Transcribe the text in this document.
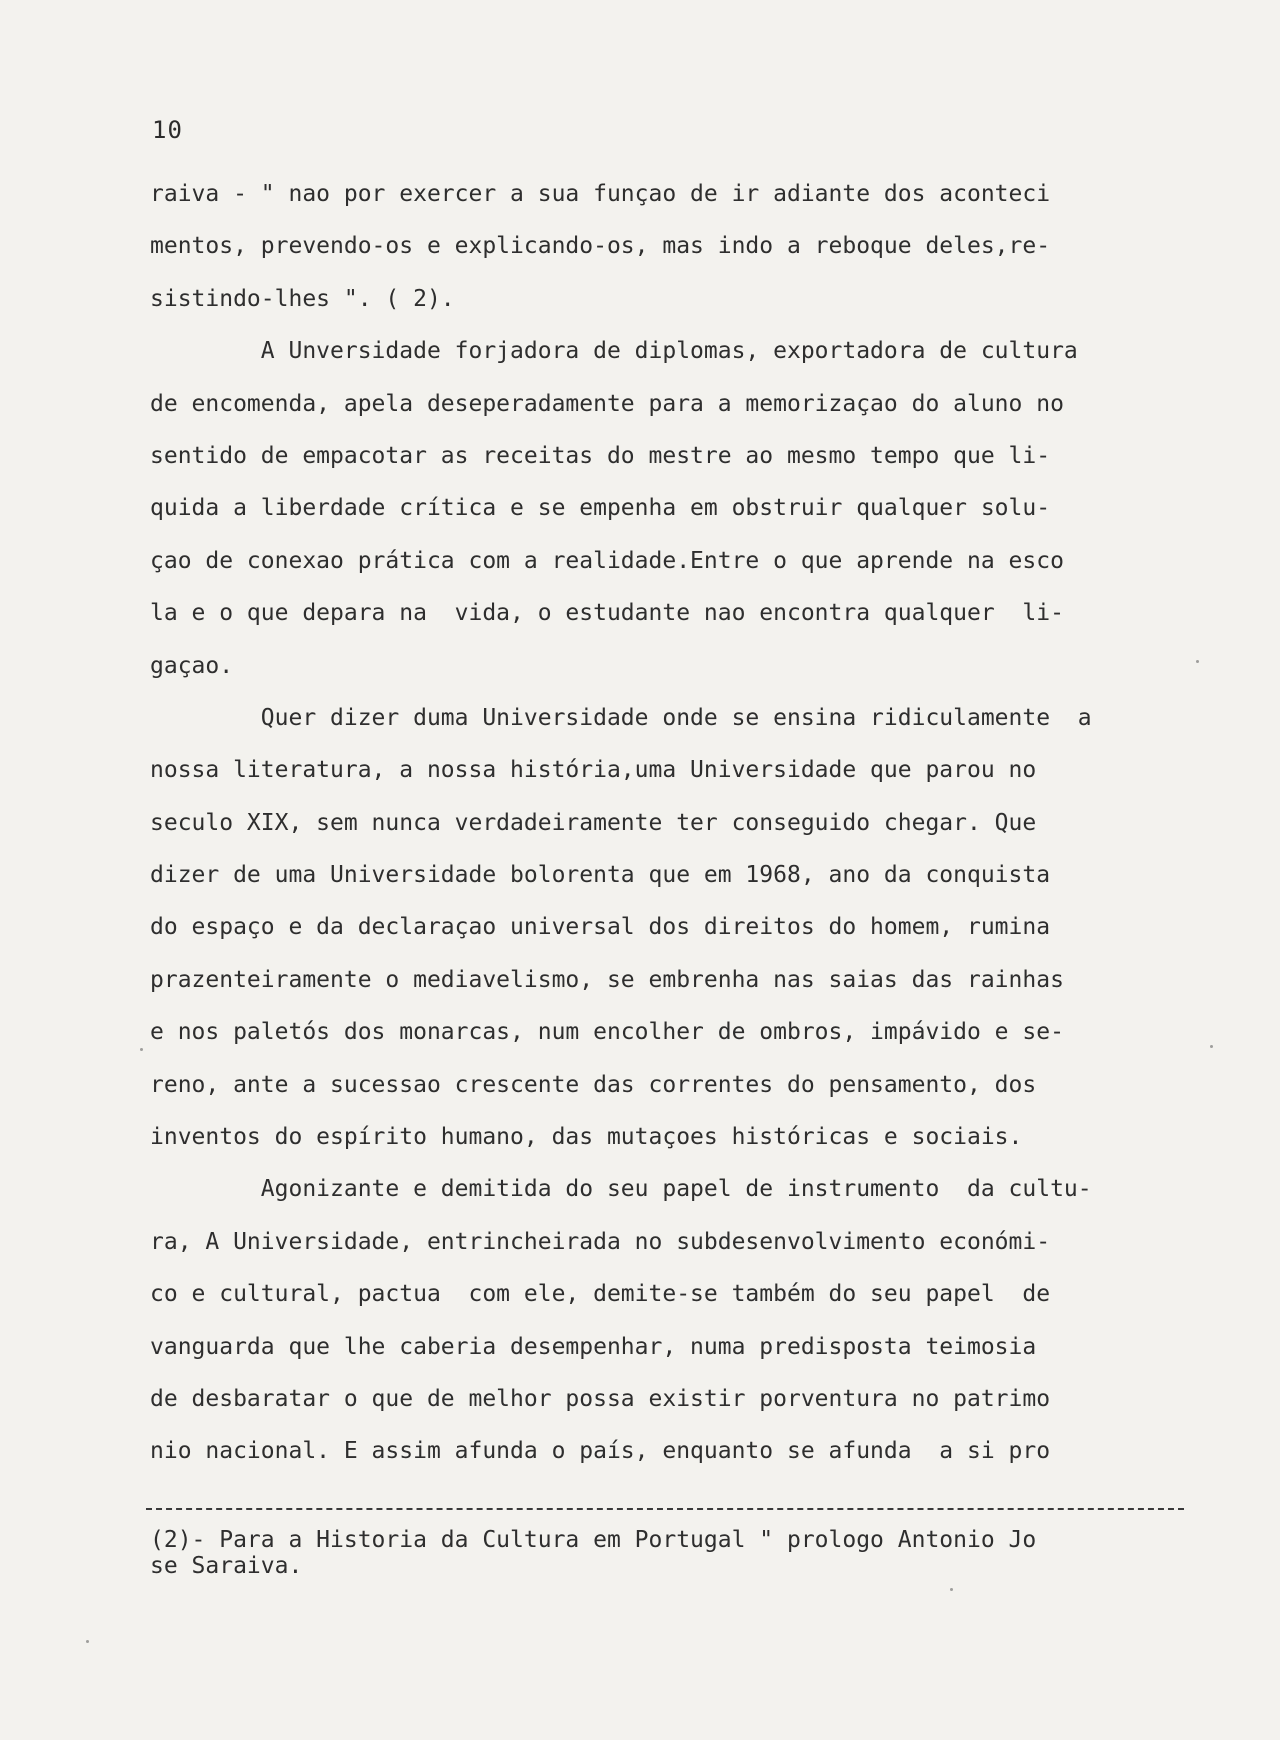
10
raiva - " nao por exercer a sua funçao de ir adiante dos aconteci
mentos, prevendo-os e explicando-os, mas indo a reboque deles,re-
sistindo-lhes ". ( 2).
A Unversidade forjadora de diplomas, exportadora de cultura
de encomenda, apela deseperadamente para a memorizaçao do aluno no
sentido de empacotar as receitas do mestre ao mesmo tempo que li-
quida a liberdade crítica e se empenha em obstruir qualquer solu-
çao de conexao prática com a realidade.Entre o que aprende na esco
la e o que depara na  vida, o estudante nao encontra qualquer  li-
gaçao.
Quer dizer duma Universidade onde se ensina ridiculamente  a
nossa literatura, a nossa história,uma Universidade que parou no
seculo XIX, sem nunca verdadeiramente ter conseguido chegar. Que
dizer de uma Universidade bolorenta que em 1968, ano da conquista
do espaço e da declaraçao universal dos direitos do homem, rumina
prazenteiramente o mediavelismo, se embrenha nas saias das rainhas
e nos paletós dos monarcas, num encolher de ombros, impávido e se-
reno, ante a sucessao crescente das correntes do pensamento, dos
inventos do espírito humano, das mutaçoes históricas e sociais.
Agonizante e demitida do seu papel de instrumento  da cultu-
ra, A Universidade, entrincheirada no subdesenvolvimento económi-
co e cultural, pactua  com ele, demite-se também do seu papel  de
vanguarda que lhe caberia desempenhar, numa predisposta teimosia
de desbaratar o que de melhor possa existir porventura no patrimo
nio nacional. E assim afunda o país, enquanto se afunda  a si pro
(2)- Para a Historia da Cultura em Portugal " prologo Antonio Jo
se Saraiva.
